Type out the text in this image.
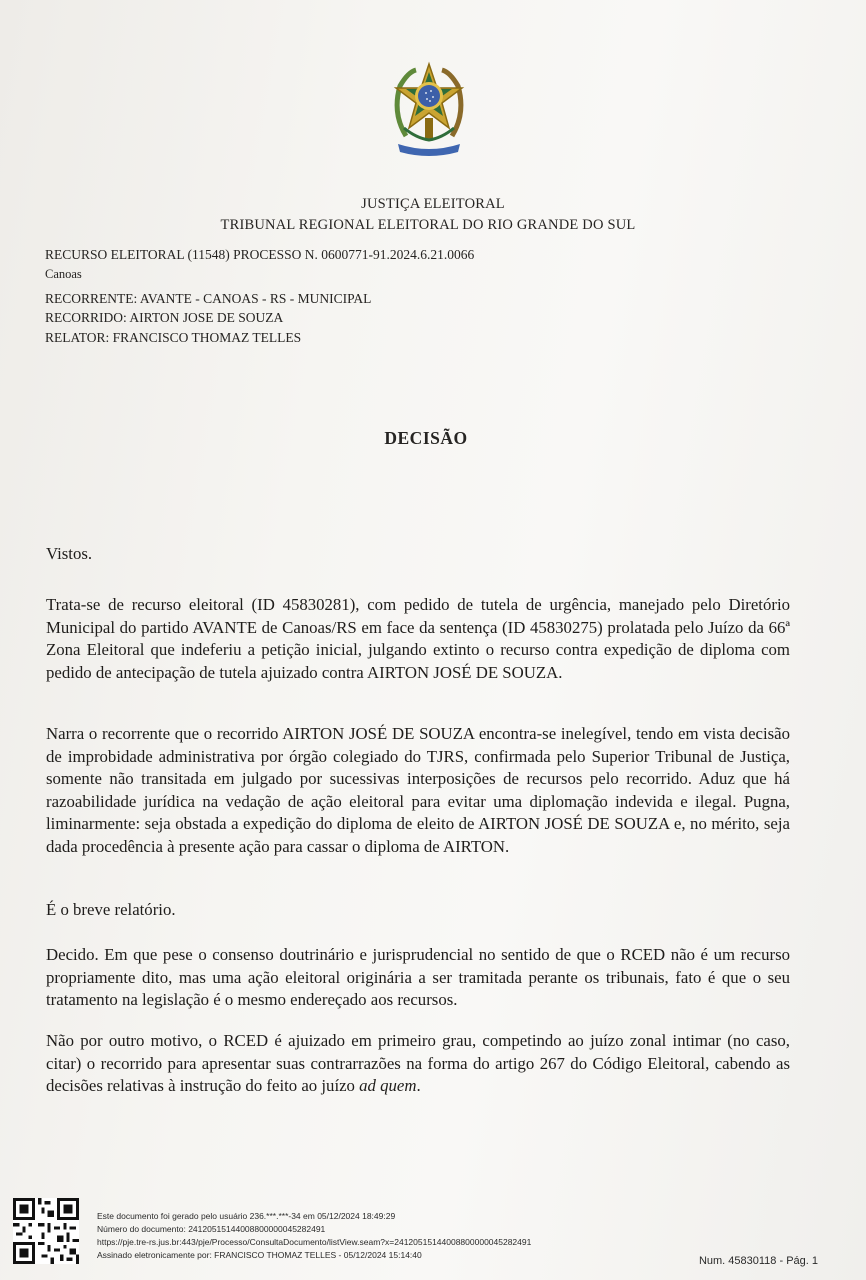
JUSTIÇA ELEITORAL
TRIBUNAL REGIONAL ELEITORAL DO RIO GRANDE DO SUL
RECURSO ELEITORAL (11548) PROCESSO N. 0600771-91.2024.6.21.0066
Canoas
RECORRENTE: AVANTE - CANOAS - RS - MUNICIPAL
RECORRIDO: AIRTON JOSE DE SOUZA
RELATOR: FRANCISCO THOMAZ TELLES
DECISÃO
Vistos.
Trata-se de recurso eleitoral (ID 45830281), com pedido de tutela de urgência, manejado pelo Diretório Municipal do partido AVANTE de Canoas/RS em face da sentença (ID 45830275) prolatada pelo Juízo da 66ª Zona Eleitoral que indeferiu a petição inicial, julgando extinto o recurso contra expedição de diploma com pedido de antecipação de tutela ajuizado contra AIRTON JOSÉ DE SOUZA.
Narra o recorrente que o recorrido AIRTON JOSÉ DE SOUZA encontra-se inelegível, tendo em vista decisão de improbidade administrativa por órgão colegiado do TJRS, confirmada pelo Superior Tribunal de Justiça, somente não transitada em julgado por sucessivas interposições de recursos pelo recorrido. Aduz que há razoabilidade jurídica na vedação de ação eleitoral para evitar uma diplomação indevida e ilegal. Pugna, liminarmente: seja obstada a expedição do diploma de eleito de AIRTON JOSÉ DE SOUZA e, no mérito, seja dada procedência à presente ação para cassar o diploma de AIRTON.
É o breve relatório.
Decido. Em que pese o consenso doutrinário e jurisprudencial no sentido de que o RCED não é um recurso propriamente dito, mas uma ação eleitoral originária a ser tramitada perante os tribunais, fato é que o seu tratamento na legislação é o mesmo endereçado aos recursos.
Não por outro motivo, o RCED é ajuizado em primeiro grau, competindo ao juízo zonal intimar (no caso, citar) o recorrido para apresentar suas contrarrazões na forma do artigo 267 do Código Eleitoral, cabendo as decisões relativas à instrução do feito ao juízo ad quem.
Este documento foi gerado pelo usuário 236.***.***-34 em 05/12/2024 18:49:29
Número do documento: 24120515144008800000045282491
https://pje.tre-rs.jus.br:443/pje/Processo/ConsultaDocumento/listView.seam?x=24120515144008800000045282491
Assinado eletronicamente por: FRANCISCO THOMAZ TELLES - 05/12/2024 15:14:40	Num. 45830118 - Pág. 1
